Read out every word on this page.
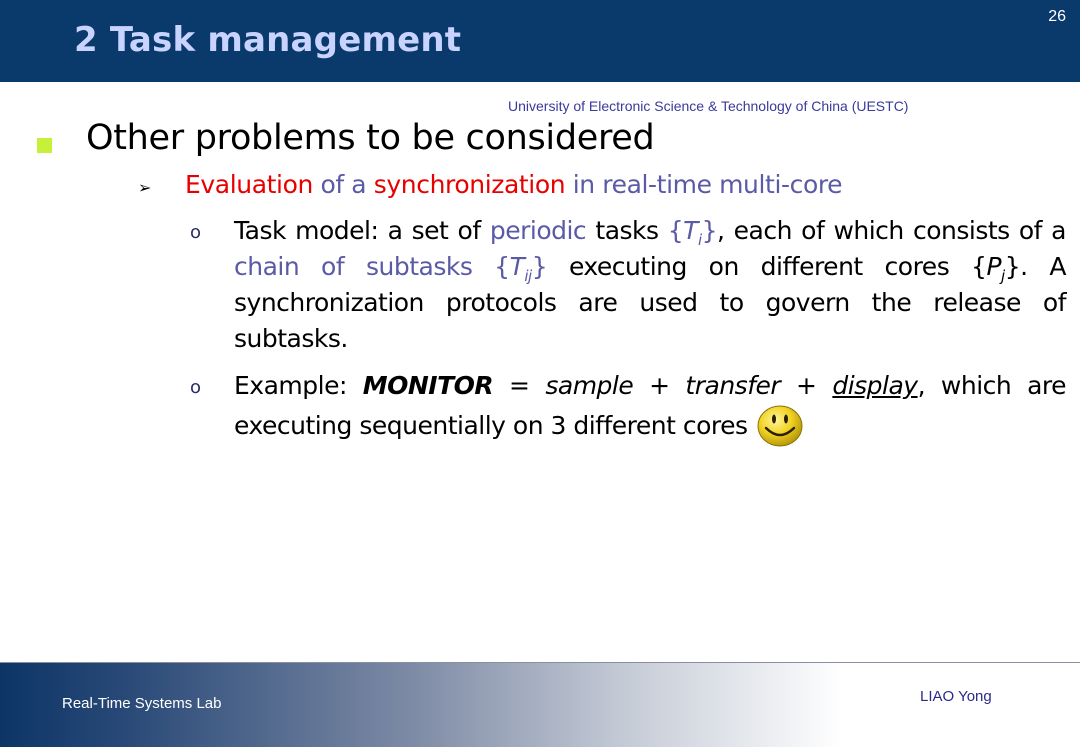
2 Task management
26
University of Electronic Science & Technology of China (UESTC)
Other problems to be considered
➢ Evaluation of a synchronization in real-time multi-core
o Task model: a set of periodic tasks $\{T_i\}$, each of which consists of a chain of subtasks $\{T_{ij}\}$ executing on different cores $\{P_j\}$. A synchronization protocols are used to govern the release of subtasks.
o Example: MONITOR = sample + transfer + display, which are executing sequentially on 3 different cores
Real-Time Systems Lab	LIAO Yong
